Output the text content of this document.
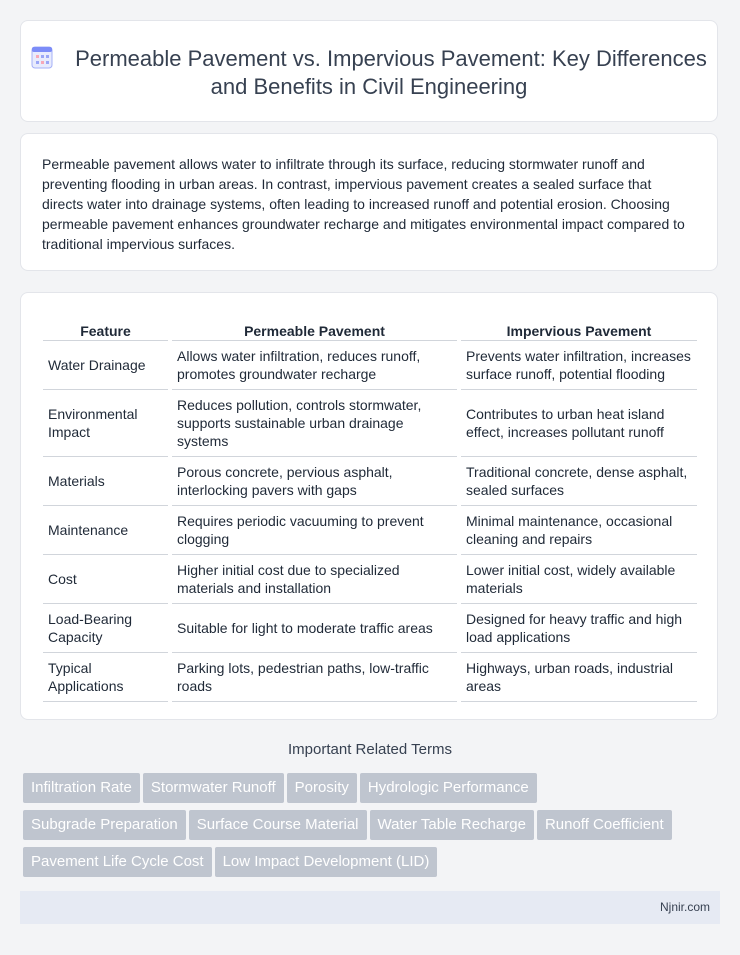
Permeable Pavement vs. Impervious Pavement: Key Differences and Benefits in Civil Engineering
Permeable pavement allows water to infiltrate through its surface, reducing stormwater runoff and preventing flooding in urban areas. In contrast, impervious pavement creates a sealed surface that directs water into drainage systems, often leading to increased runoff and potential erosion. Choosing permeable pavement enhances groundwater recharge and mitigates environmental impact compared to traditional impervious surfaces.
Feature	Permeable Pavement	Impervious Pavement
Water Drainage	Allows water infiltration, reduces runoff, promotes groundwater recharge	Prevents water infiltration, increases surface runoff, potential flooding
Environmental Impact	Reduces pollution, controls stormwater, supports sustainable urban drainage systems	Contributes to urban heat island effect, increases pollutant runoff
Materials	Porous concrete, pervious asphalt, interlocking pavers with gaps	Traditional concrete, dense asphalt, sealed surfaces
Maintenance	Requires periodic vacuuming to prevent clogging	Minimal maintenance, occasional cleaning and repairs
Cost	Higher initial cost due to specialized materials and installation	Lower initial cost, widely available materials
Load-Bearing Capacity	Suitable for light to moderate traffic areas	Designed for heavy traffic and high load applications
Typical Applications	Parking lots, pedestrian paths, low-traffic roads	Highways, urban roads, industrial areas
Important Related Terms
Infiltration Rate Stormwater Runoff Porosity Hydrologic Performance
Subgrade Preparation Surface Course Material Water Table Recharge Runoff Coefficient
Pavement Life Cycle Cost Low Impact Development (LID)
Njnir.com
